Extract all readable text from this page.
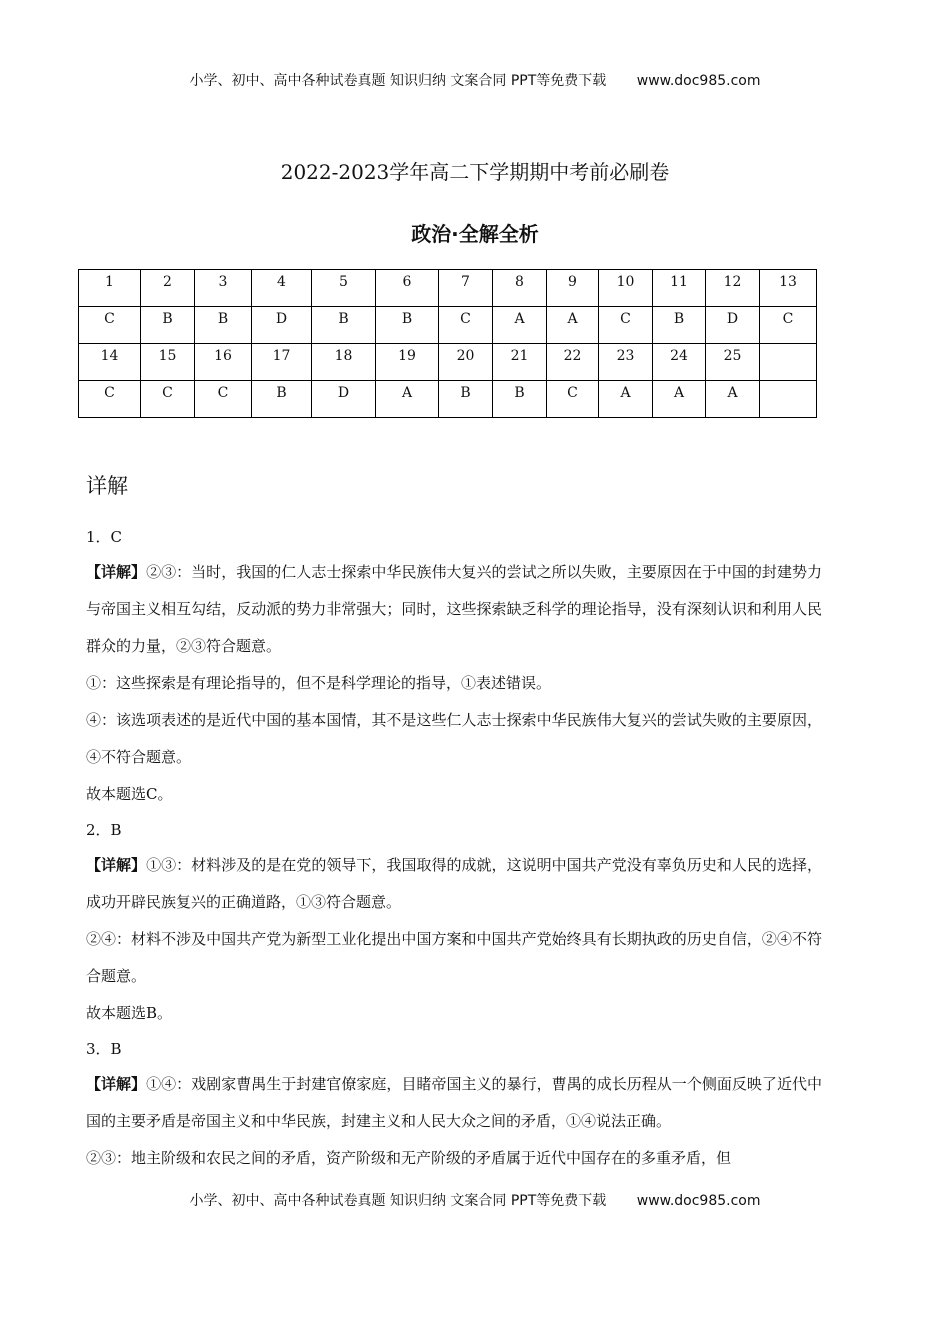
小学、初中、高中各种试卷真题 知识归纳 文案合同 PPT等免费下载 www.doc985.com
2022-2023学年高二下学期期中考前必刷卷
政治·全解全析
1	2	3	4	5	6	7	8	9	10	11	12	13
C	B	B	D	B	B	C	A	A	C	B	D	C
14	15	16	17	18	19	20	21	22	23	24	25	
C	C	C	B	D	A	B	B	C	A	A	A	
详解
1．C

【详解】②③：当时，我国的仁人志士探索中华民族伟大复兴的尝试之所以失败，主要原因在于中国的封建势力与帝国主义相互勾结，反动派的势力非常强大；同时，这些探索缺乏科学的理论指导，没有深刻认识和利用人民群众的力量，②③符合题意。

①：这些探索是有理论指导的，但不是科学理论的指导，①表述错误。

④：该选项表述的是近代中国的基本国情，其不是这些仁人志士探索中华民族伟大复兴的尝试失败的主要原因，④不符合题意。

故本题选C。

2．B

【详解】①③：材料涉及的是在党的领导下，我国取得的成就，这说明中国共产党没有辜负历史和人民的选择，成功开辟民族复兴的正确道路，①③符合题意。

②④：材料不涉及中国共产党为新型工业化提出中国方案和中国共产党始终具有长期执政的历史自信，②④不符合题意。

故本题选B。

3．B

【详解】①④：戏剧家曹禺生于封建官僚家庭，目睹帝国主义的暴行，曹禺的成长历程从一个侧面反映了近代中国的主要矛盾是帝国主义和中华民族，封建主义和人民大众之间的矛盾，①④说法正确。

②③：地主阶级和农民之间的矛盾，资产阶级和无产阶级的矛盾属于近代中国存在的多重矛盾，但

小学、初中、高中各种试卷真题 知识归纳 文案合同 PPT等免费下载 www.doc985.com
